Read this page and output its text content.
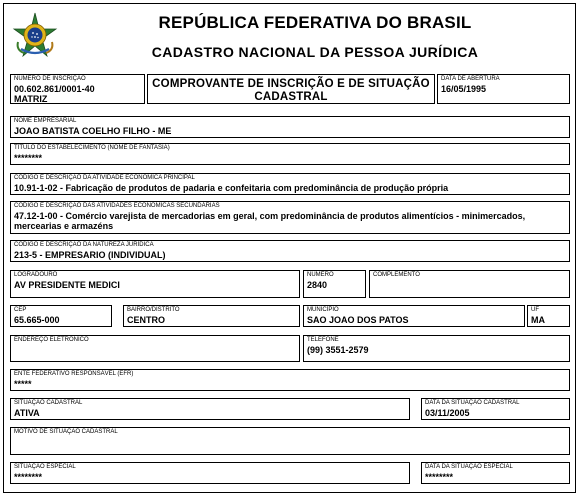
REPÚBLICA FEDERATIVA DO BRASIL
CADASTRO NACIONAL DA PESSOA JURÍDICA
NÚMERO DE INSCRIÇÃO
00.602.861/0001-40
MATRIZ
COMPROVANTE DE INSCRIÇÃO E DE SITUAÇÃO
CADASTRAL
DATA DE ABERTURA
16/05/1995
NOME EMPRESARIAL
JOAO BATISTA COELHO FILHO - ME
TÍTULO DO ESTABELECIMENTO (NOME DE FANTASIA)
********
CÓDIGO E DESCRIÇÃO DA ATIVIDADE ECONÔMICA PRINCIPAL
10.91-1-02 - Fabricação de produtos de padaria e confeitaria com predominância de produção própria
CÓDIGO E DESCRIÇÃO DAS ATIVIDADES ECONÔMICAS SECUNDÁRIAS
47.12-1-00 - Comércio varejista de mercadorias em geral, com predominância de produtos alimentícios - minimercados, mercearias e armazéns
CÓDIGO E DESCRIÇÃO DA NATUREZA JURÍDICA
213-5 - EMPRESARIO (INDIVIDUAL)
LOGRADOURO
AV PRESIDENTE MEDICI
NÚMERO
2840
COMPLEMENTO
CEP
65.665-000
BAIRRO/DISTRITO
CENTRO
MUNICÍPIO
SAO JOAO DOS PATOS
UF
MA
ENDEREÇO ELETRÔNICO	TELEFONE
(99) 3551-2579
ENTE FEDERATIVO RESPONSÁVEL (EFR)
*****
SITUAÇÃO CADASTRAL
ATIVA
DATA DA SITUAÇÃO CADASTRAL
03/11/2005
MOTIVO DE SITUAÇÃO CADASTRAL
SITUAÇÃO ESPECIAL
********
DATA DA SITUAÇÃO ESPECIAL
********
